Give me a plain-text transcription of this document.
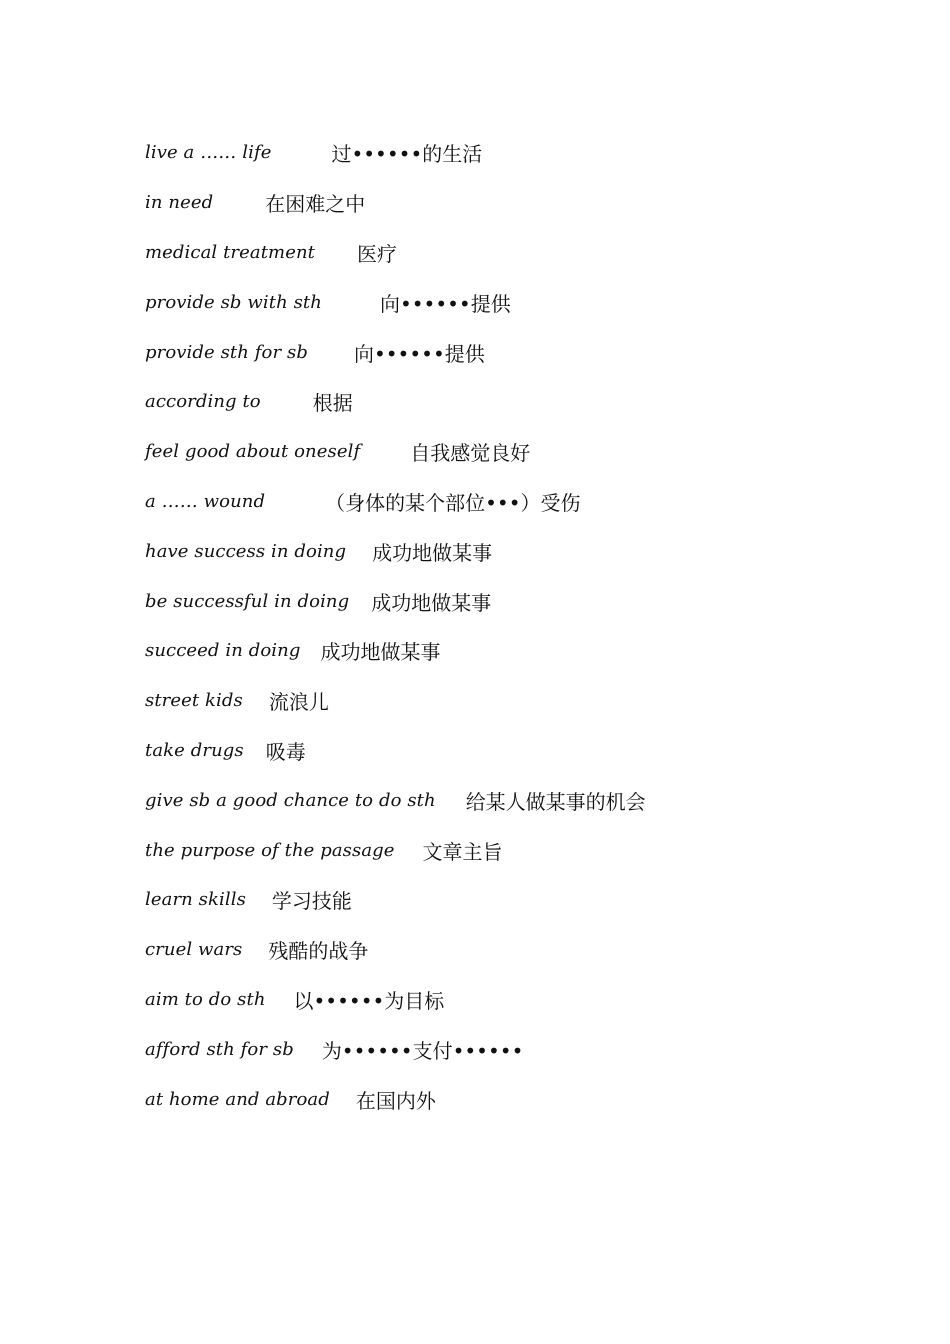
live a …… life	过••••••的生活
in need	在困难之中
medical treatment 医疗
provide sb with sth	向••••••提供
provide sth for sb 向••••••提供
according to	根据
feel good about oneself	自我感觉良好
a …… wound	（身体的某个部位•••）受伤
have success in doing 成功地做某事
be successful in doing 成功地做某事
succeed in doing 成功地做某事
street kids 流浪儿
take drugs 吸毒
give sb a good chance to do sth 给某人做某事的机会
the purpose of the passage 文章主旨
learn skills 学习技能
cruel wars 残酷的战争
aim to do sth 以••••••为目标
afford sth for sb 为••••••支付••••••
at home and abroad 在国内外
